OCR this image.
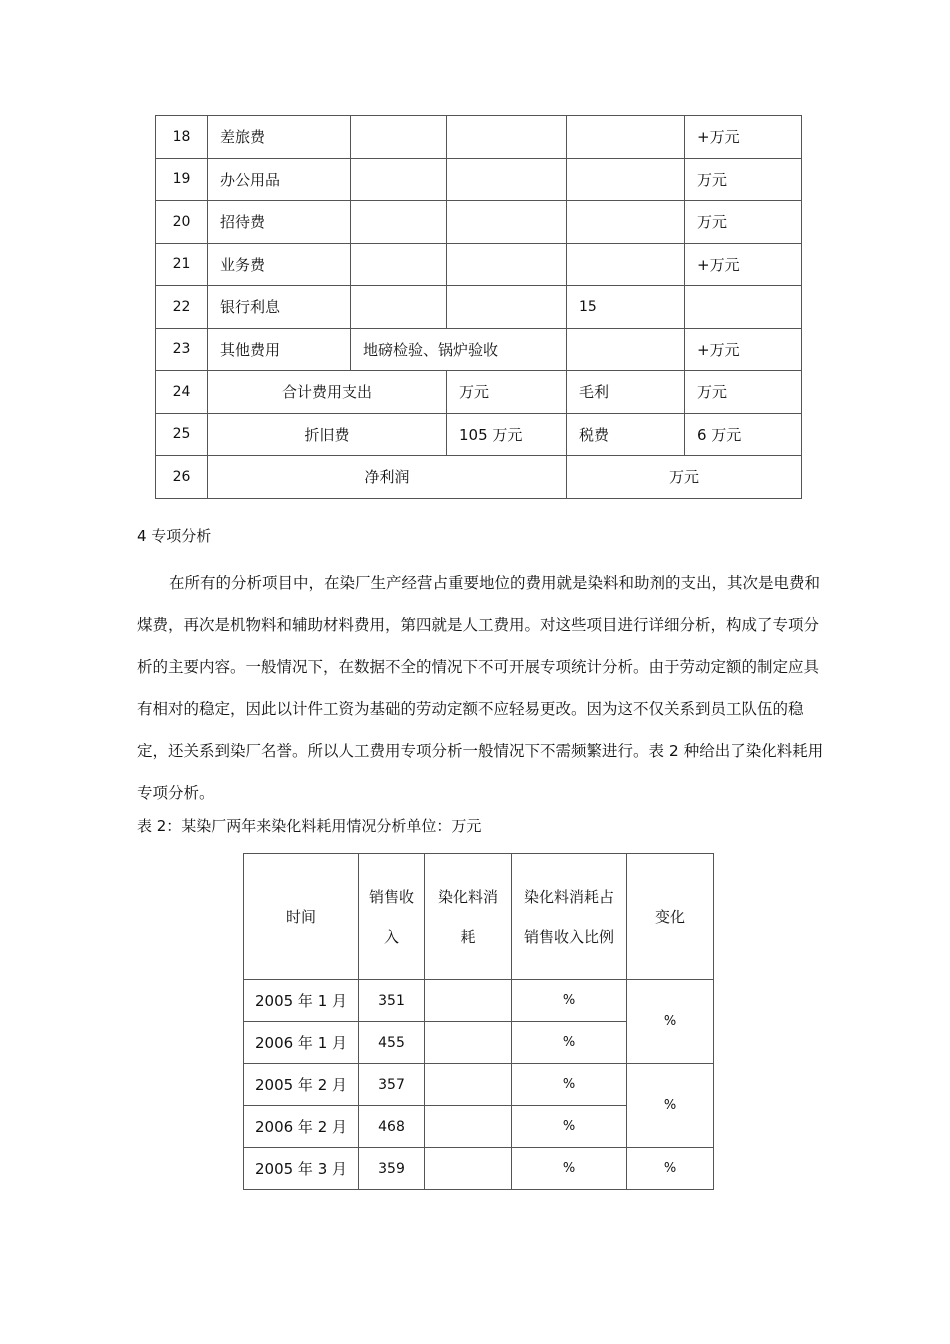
18	差旅费				+万元
19	办公用品				万元
20	招待费				万元
21	业务费				+万元
22	银行利息			15	
23	其他费用	地磅检验、锅炉验收			+万元
24	合计费用支出		万元	毛利	万元
25	折旧费		105 万元	税费	6 万元
26	净利润			万元	
4 专项分析

在所有的分析项目中，在染厂生产经营占重要地位的费用就是染料和助剂的支出，其次是电费和煤费，再次是机物料和辅助材料费用，第四就是人工费用。对这些项目进行详细分析，构成了专项分析的主要内容。一般情况下，在数据不全的情况下不可开展专项统计分析。由于劳动定额的制定应具有相对的稳定，因此以计件工资为基础的劳动定额不应轻易更改。因为这不仅关系到员工队伍的稳定，还关系到染厂名誉。所以人工费用专项分析一般情况下不需频繁进行。表 2 种给出了染化料耗用专项分析。

表 2：某染厂两年来染化料耗用情况分析单位：万元
时间	销售收入	染化料消耗	染化料消耗占销售收入比例	变化
2005 年 1 月	351		%	%
2006 年 1 月	455		%	
2005 年 2 月	357		%	%
2006 年 2 月	468		%	
2005 年 3 月	359		%	%
